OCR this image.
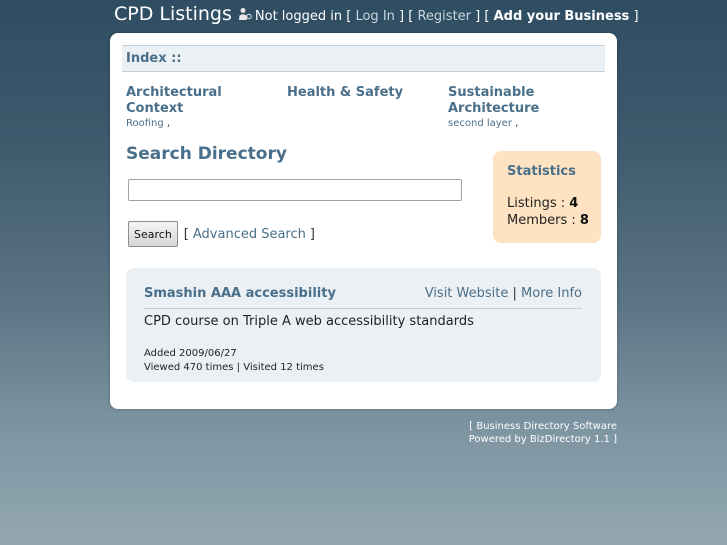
CPD Listings Not logged in
[
Log In
]
[
Register
]
[
Add your Business
]
Index ::
Architectural Context
Roofing ,
Health & Safety	Sustainable Architecture
second layer ,
Search Directory
Search [ Advanced Search ]
Statistics
Listings : 4
Members : 8
Smashin AAA accessibility	Visit Website | More Info
CPD course on Triple A web accessibility standards
Added 2009/06/27
Viewed 470 times | Visited 12 times
[ Business Directory Software
Powered by BizDirectory 1.1 ]
